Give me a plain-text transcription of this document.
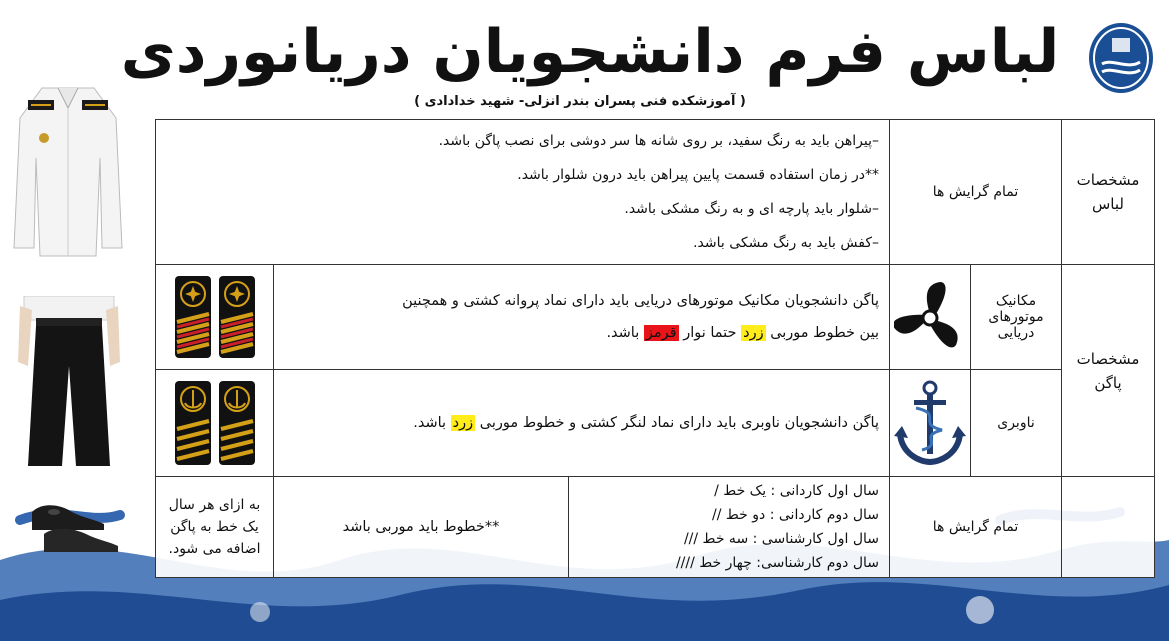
لباس فرم دانشجویان دریانوردی
( آموزشکده فنی پسران بندر انزلی- شهید خدادادی )
مشخصات لباس	تمام گرایش ها		–پیراهن باید به رنگ سفید، بر روی شانه ها سر دوشی برای نصب پاگن باشد.
**در زمان استفاده قسمت پایین پیراهن باید درون شلوار باشد.
–شلوار باید پارچه ای و به رنگ مشکی باشد.
–کفش باید به رنگ مشکی باشد.		

مشخصات پاگن	مکانیک موتورهای دریایی		پاگن دانشجویان مکانیک موتورهای دریایی باید دارای نماد پروانه کشتی و همچنین
بین خطوط موربی زرد حتما نوار قرمز باشد.

	ناوبری		پاگن دانشجویان ناوبری باید دارای نماد لنگر کشتی و خطوط موربی زرد باشد.	

	تمام گرایش ها		سال اول کاردانی : یک خط /
سال دوم کاردانی : دو خط //
سال اول کارشناسی : سه خط ///
سال دوم کارشناسی: چهار خط ////	**خطوط باید موربی باشد	به ازای هر سال یک خط به پاگن اضافه می شود.
